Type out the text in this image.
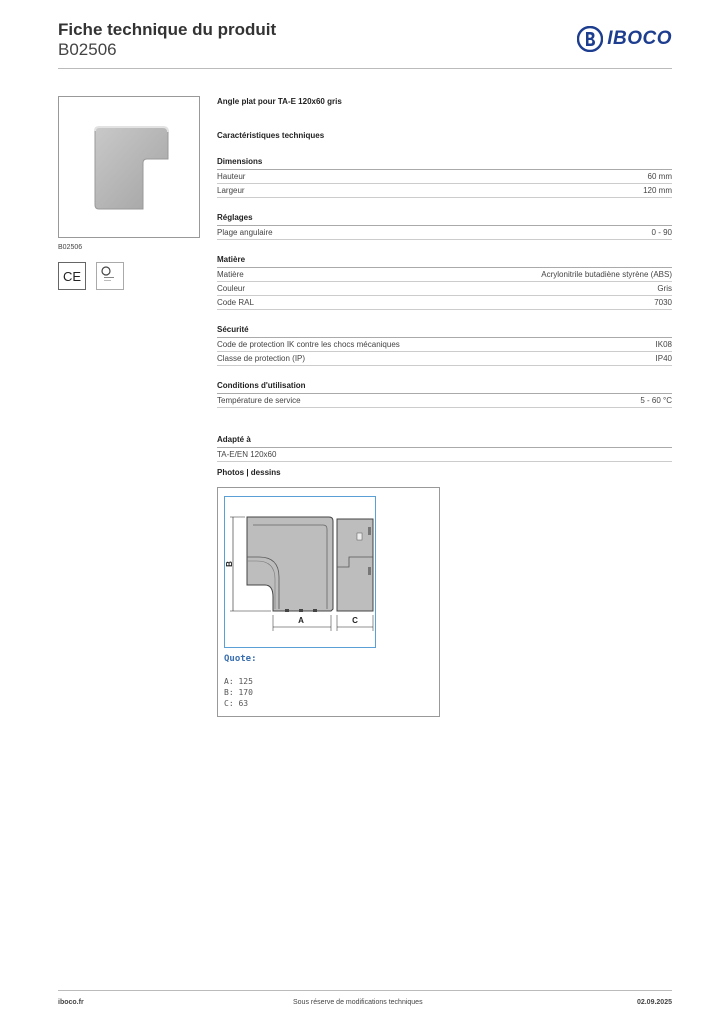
Fiche technique du produit
B02506
IBOCO
B02506
CE
Angle plat pour TA-E 120x60 gris
Caractéristiques techniques
Dimensions
Hauteur	60 mm
Largeur	120 mm
Réglages
Plage angulaire	0 - 90
Matière
Matière	Acrylonitrile butadiène styrène (ABS)
Couleur	Gris
Code RAL	7030
Sécurité
Code de protection IK contre les chocs mécaniques	IK08
Classe de protection (IP)	IP40
Conditions d'utilisation
Température de service	5 - 60 °C
Adapté à
TA-E/EN 120x60
Photos | dessins
A	C
B
Quote:
A: 125
B: 170
C: 63
iboco.fr	Sous réserve de modifications techniques	02.09.2025
